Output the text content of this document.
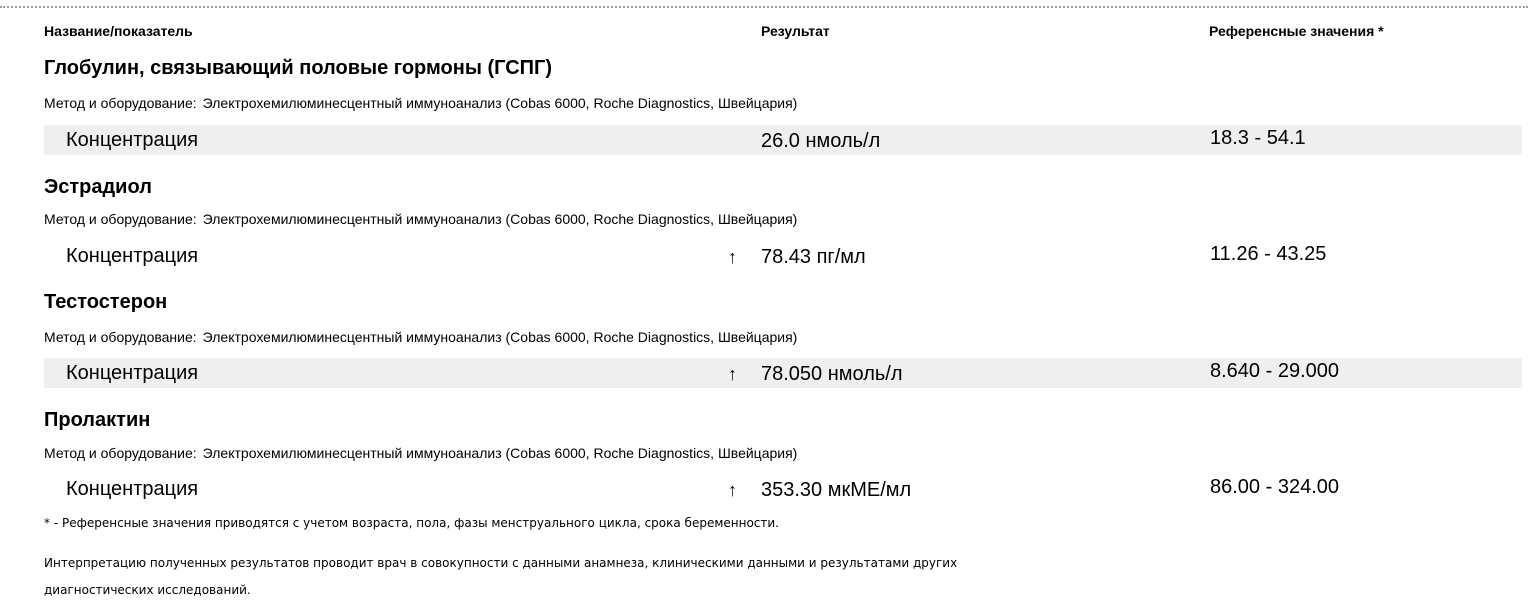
Название/показатель	Результат	Референсные значения *
Глобулин, связывающий половые гормоны (ГСПГ)
Метод и оборудование: Электрохемилюминесцентный иммуноанализ (Cobas 6000, Roche Diagnostics, Швейцария)
Концентрация	26.0 нмоль/л	18.3 - 54.1
Эстрадиол
Метод и оборудование: Электрохемилюминесцентный иммуноанализ (Cobas 6000, Roche Diagnostics, Швейцария)
Концентрация	↑ 78.43 пг/мл	11.26 - 43.25
Тестостерон
Метод и оборудование: Электрохемилюминесцентный иммуноанализ (Cobas 6000, Roche Diagnostics, Швейцария)
Концентрация	↑ 78.050 нмоль/л	8.640 - 29.000
Пролактин
Метод и оборудование: Электрохемилюминесцентный иммуноанализ (Cobas 6000, Roche Diagnostics, Швейцария)
Концентрация	↑ 353.30 мкМЕ/мл	86.00 - 324.00
* - Референсные значения приводятся с учетом возраста, пола, фазы менструального цикла, срока беременности.
Интерпретацию полученных результатов проводит врач в совокупности с данными анамнеза, клиническими данными и результатами других
диагностических исследований.
